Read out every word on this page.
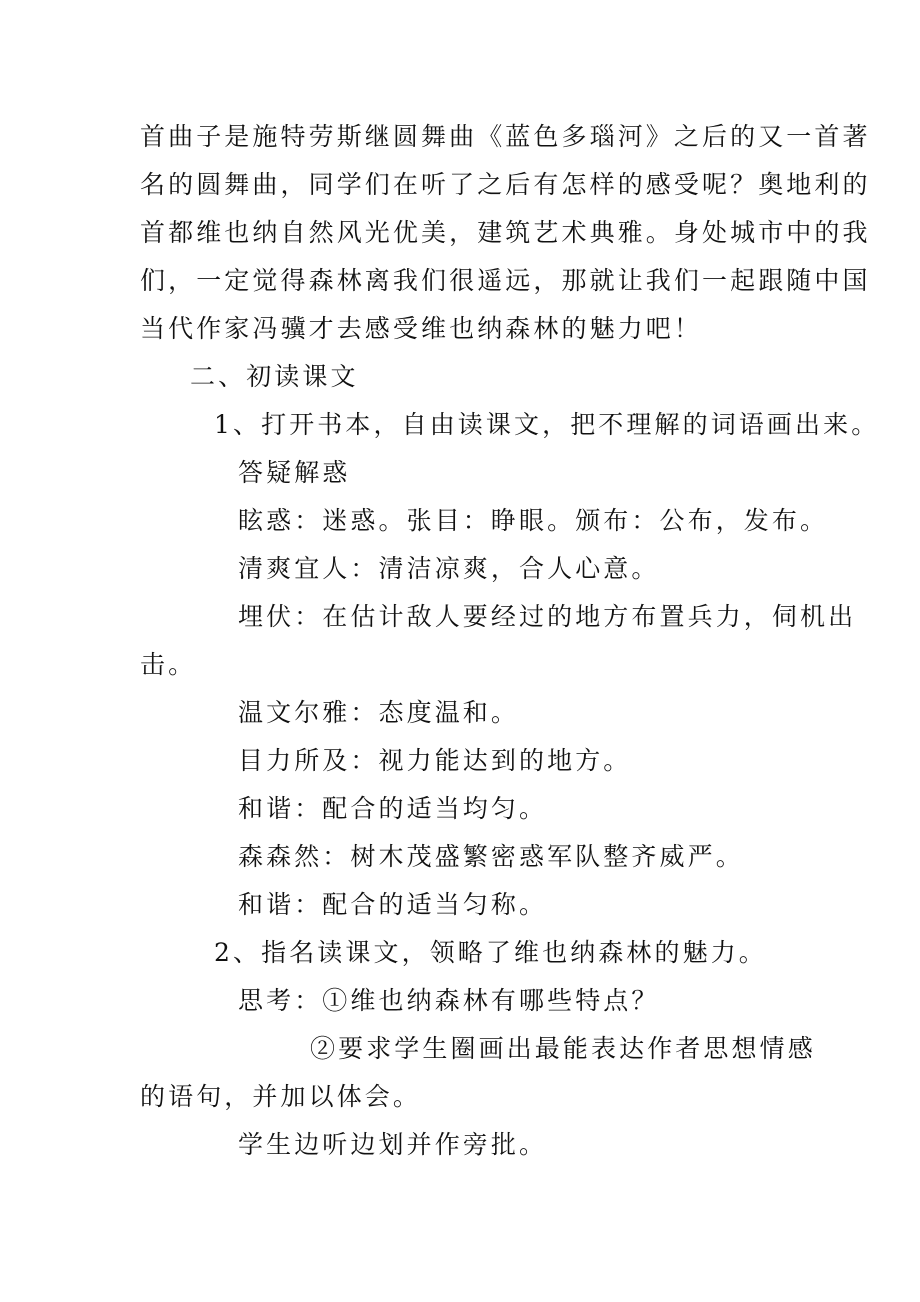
首曲子是施特劳斯继圆舞曲《蓝色多瑙河》之后的又一首著
名的圆舞曲，同学们在听了之后有怎样的感受呢？奥地利的
首都维也纳自然风光优美，建筑艺术典雅。身处城市中的我
们，一定觉得森林离我们很遥远，那就让我们一起跟随中国
当代作家冯骥才去感受维也纳森林的魅力吧！
二、初读课文
1、打开书本，自由读课文，把不理解的词语画出来。
答疑解惑
眩惑：迷惑。张目：睁眼。颁布：公布，发布。
清爽宜人：清洁凉爽，合人心意。
埋伏：在估计敌人要经过的地方布置兵力，伺机出
击。
温文尔雅：态度温和。
目力所及：视力能达到的地方。
和谐：配合的适当均匀。
森森然：树木茂盛繁密惑军队整齐威严。
和谐：配合的适当匀称。
2、指名读课文，领略了维也纳森林的魅力。
思考：①维也纳森林有哪些特点？
②要求学生圈画出最能表达作者思想情感
的语句，并加以体会。
学生边听边划并作旁批。
